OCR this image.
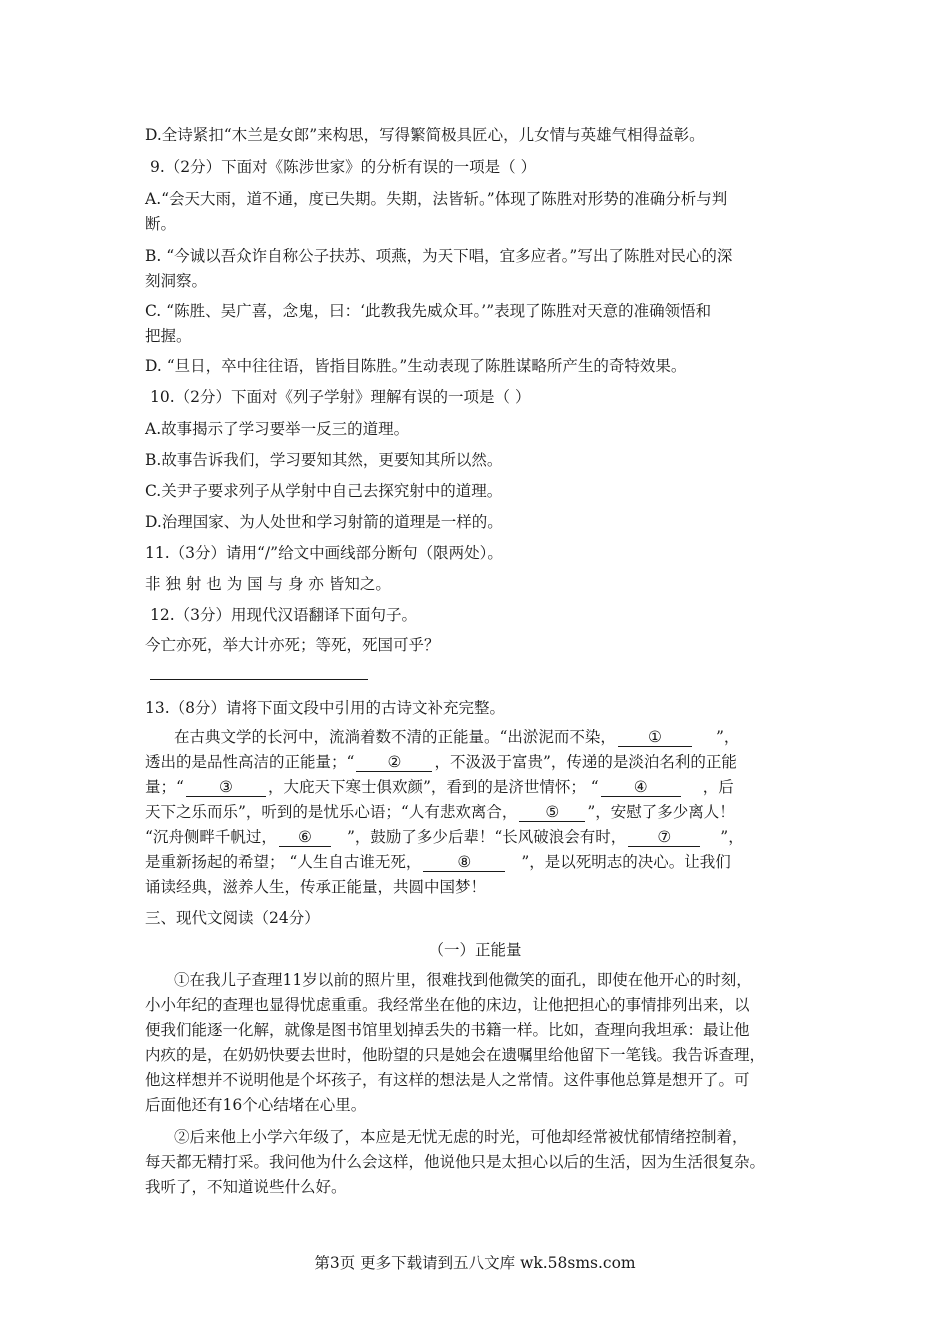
D.全诗紧扣“木兰是女郎”来构思，写得繁简极具匠心，儿女情与英雄气相得益彰。
9.（2分）下面对《陈涉世家》的分析有误的一项是（ ）
A.“会天大雨，道不通，度已失期。失期，法皆斩。”体现了陈胜对形势的准确分析与判
断。
B. “今诚以吾众诈自称公子扶苏、项燕，为天下唱，宜多应者。”写出了陈胜对民心的深
刻洞察。
C. “陈胜、吴广喜，念鬼，曰：‘此教我先威众耳。’”表现了陈胜对天意的准确领悟和
把握。
D. “旦日，卒中往往语，皆指目陈胜。”生动表现了陈胜谋略所产生的奇特效果。
10.（2分）下面对《列子学射》理解有误的一项是（ ）
A.故事揭示了学习要举一反三的道理。
B.故事告诉我们，学习要知其然，更要知其所以然。
C.关尹子要求列子从学射中自己去探究射中的道理。
D.治理国家、为人处世和学习射箭的道理是一样的。
11.（3分）请用“/”给文中画线部分断句（限两处）。
非 独 射 也 为 国 与 身 亦 皆知之。
12.（3分）用现代汉语翻译下面句子。
今亡亦死，举大计亦死；等死，死国可乎？
13.（8分）请将下面文段中引用的古诗文补充完整。
在古典文学的长河中，流淌着数不清的正能量。“出淤泥而不染， ①	”，
透出的是品性高洁的正能量；“ ② ，不汲汲于富贵”，传递的是淡泊名利的正能
量；“ ③ ，大庇天下寒士俱欢颜”，看到的是济世情怀； “ ④	，后
天下之乐而乐”，听到的是忧乐心语；“人有悲欢离合， ⑤ ”，安慰了多少离人！
“沉舟侧畔千帆过， ⑥ ”，鼓励了多少后辈！“长风破浪会有时， ⑦	”，
是重新扬起的希望； “人生自古谁无死， ⑧	”，是以死明志的决心。让我们
诵读经典，滋养人生，传承正能量，共圆中国梦！
三、现代文阅读（24分）
（一）正能量
①在我儿子查理11岁以前的照片里，很难找到他微笑的面孔，即使在他开心的时刻，
小小年纪的查理也显得忧虑重重。我经常坐在他的床边，让他把担心的事情排列出来，以
便我们能逐一化解，就像是图书馆里划掉丢失的书籍一样。比如，查理向我坦承：最让他
内疚的是，在奶奶快要去世时，他盼望的只是她会在遗嘱里给他留下一笔钱。我告诉查理，
他这样想并不说明他是个坏孩子，有这样的想法是人之常情。这件事他总算是想开了。可
后面他还有16个心结堵在心里。
②后来他上小学六年级了，本应是无忧无虑的时光，可他却经常被忧郁情绪控制着，
每天都无精打采。我问他为什么会这样，他说他只是太担心以后的生活，因为生活很复杂。
我听了，不知道说些什么好。
第3页 更多下载请到五八文库 wk.58sms.com
